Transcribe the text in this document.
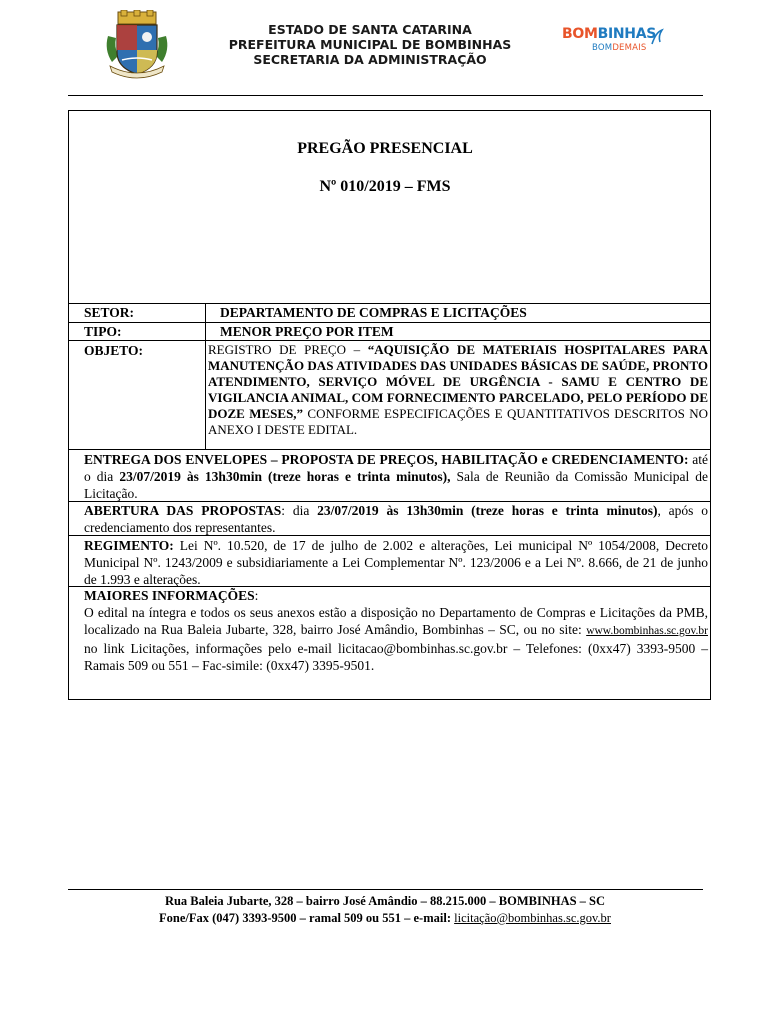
ESTADO DE SANTA CATARINA
PREFEITURA MUNICIPAL DE BOMBINHAS
SECRETARIA DA ADMINISTRAÇÃO
BOMBINHAS
BOMDEMAIS
PREGÃO PRESENCIAL
Nº 010/2019 – FMS
SETOR:	DEPARTAMENTO DE COMPRAS E LICITAÇÕES
TIPO:	MENOR PREÇO POR ITEM
OBJETO:	REGISTRO DE PREÇO – “AQUISIÇÃO DE MATERIAIS HOSPITALARES PARA MANUTENÇÃO DAS ATIVIDADES DAS UNIDADES BÁSICAS DE SAÚDE, PRONTO ATENDIMENTO, SERVIÇO MÓVEL DE URGÊNCIA - SAMU E CENTRO DE VIGILANCIA ANIMAL, COM FORNECIMENTO PARCELADO, PELO PERÍODO DE DOZE MESES,” CONFORME ESPECIFICAÇÕES E QUANTITATIVOS DESCRITOS NO ANEXO I DESTE EDITAL.
ENTREGA DOS ENVELOPES – PROPOSTA DE PREÇOS, HABILITAÇÃO e CREDENCIAMENTO: até o dia 23/07/2019 às 13h30min (treze horas e trinta minutos), Sala de Reunião da Comissão Municipal de Licitação.
ABERTURA DAS PROPOSTAS: dia 23/07/2019 às 13h30min (treze horas e trinta minutos), após o credenciamento dos representantes.
REGIMENTO: Lei Nº. 10.520, de 17 de julho de 2.002 e alterações, Lei municipal Nº 1054/2008, Decreto Municipal Nº. 1243/2009 e subsidiariamente a Lei Complementar Nº. 123/2006 e a Lei Nº. 8.666, de 21 de junho de 1.993 e alterações.
MAIORES INFORMAÇÕES:
O edital na íntegra e todos os seus anexos estão a disposição no Departamento de Compras e Licitações da PMB, localizado na Rua Baleia Jubarte, 328, bairro José Amândio, Bombinhas – SC, ou no site: www.bombinhas.sc.gov.br no link Licitações, informações pelo e-mail licitacao@bombinhas.sc.gov.br – Telefones: (0xx47) 3393-9500 – Ramais 509 ou 551 – Fac-simile: (0xx47) 3395-9501.
Rua Baleia Jubarte, 328 – bairro José Amândio – 88.215.000 – BOMBINHAS – SC
Fone/Fax (047) 3393-9500 – ramal 509 ou 551 – e-mail: licitação@bombinhas.sc.gov.br
